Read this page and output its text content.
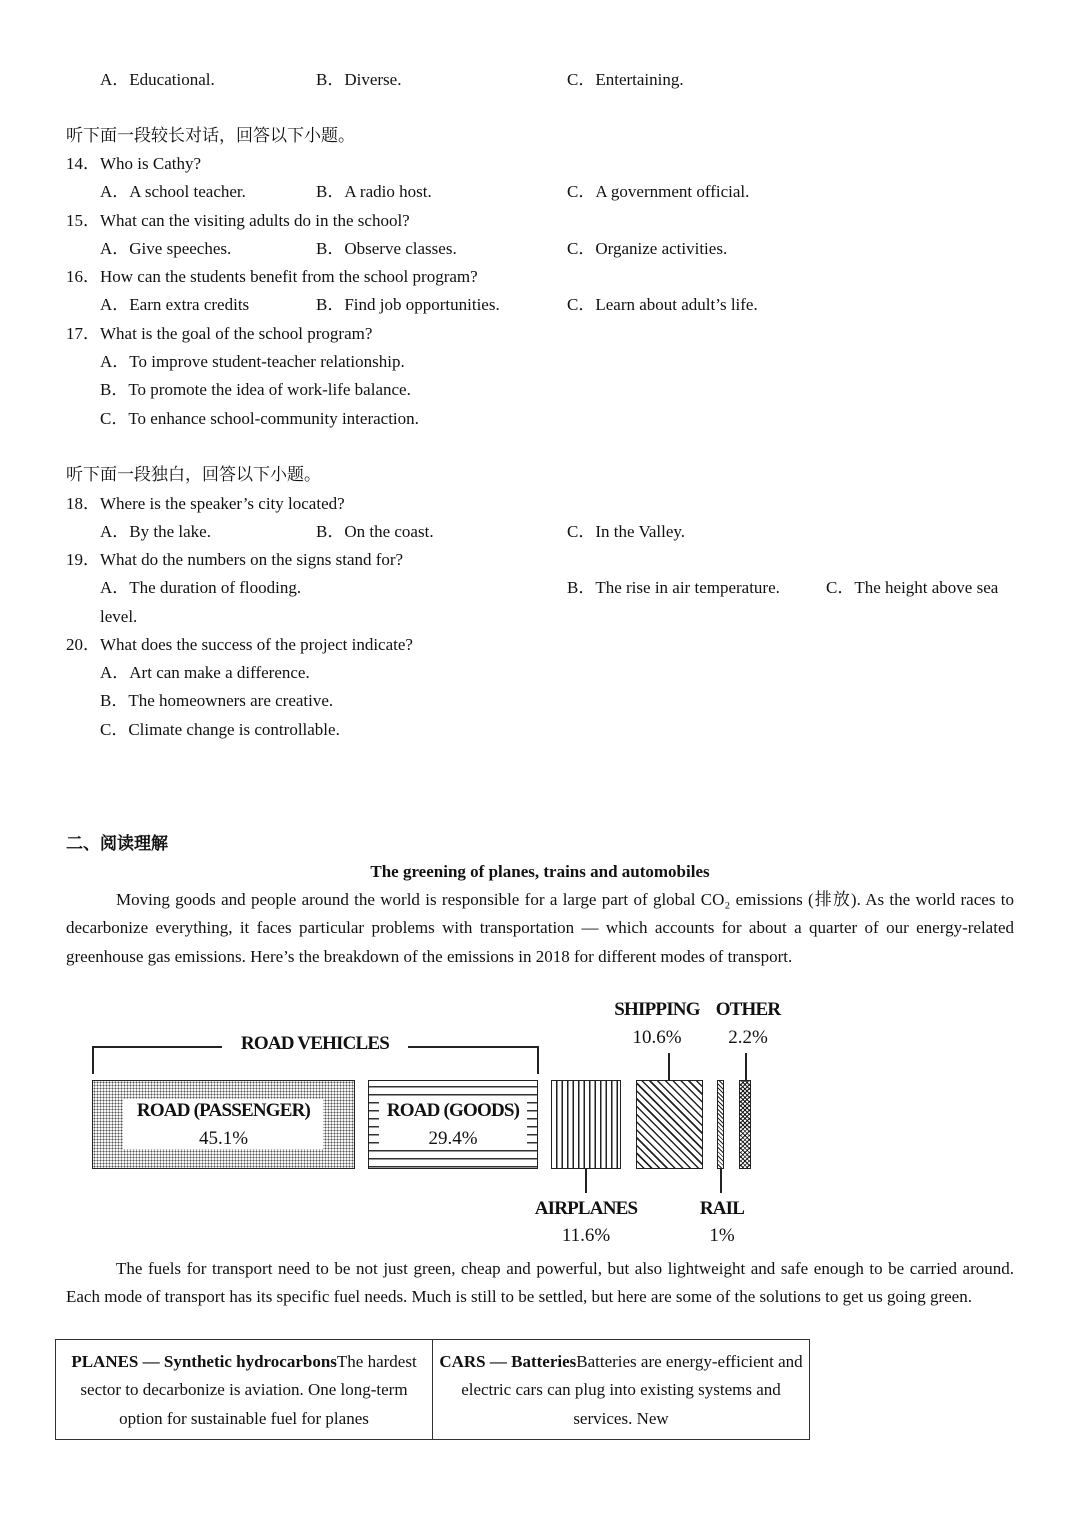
A．Educational.	B．Diverse.	C．Entertaining.
听下面一段较长对话，回答以下小题。
14．Who is Cathy?
A．A school teacher.	B．A radio host.	C．A government official.
15．What can the visiting adults do in the school?
A．Give speeches.	B．Observe classes.	C．Organize activities.
16．How can the students benefit from the school program?
A．Earn extra credits	B．Find job opportunities.	C．Learn about adult’s life.
17．What is the goal of the school program?
A．To improve student-teacher relationship.
B．To promote the idea of work-life balance.
C．To enhance school-community interaction.
听下面一段独白，回答以下小题。
18．Where is the speaker’s city located?
A．By the lake.	B．On the coast.	C．In the Valley.
19．What do the numbers on the signs stand for?
A．The duration of flooding.	B．The rise in air temperature.	C．The height above sea
level.
20．What does the success of the project indicate?
A．Art can make a difference.
B．The homeowners are creative.
C．Climate change is controllable.
二、阅读理解
The greening of planes, trains and automobiles
Moving goods and people around the world is responsible for a large part of global CO₂ emissions (排放). As the world races to decarbonize everything, it faces particular problems with transportation — which accounts for about a quarter of our energy-related greenhouse gas emissions. Here’s the breakdown of the emissions in 2018 for different modes of transport.
ROAD VEHICLES
ROAD (PASSENGER)
45.1%
ROAD (GOODS)
29.4%
AIRPLANES
11.6%
SHIPPING
10.6%
RAIL
1%
OTHER
2.2%
The fuels for transport need to be not just green, cheap and powerful, but also lightweight and safe enough to be carried around. Each mode of transport has its specific fuel needs. Much is still to be settled, but here are some of the solutions to get us going green.
PLANES — Synthetic hydrocarbonsThe hardest sector to decarbonize is aviation. One long-term option for sustainable fuel for planes	CARS — BatteriesBatteries are energy-efficient and electric cars can plug into existing systems and services. New
